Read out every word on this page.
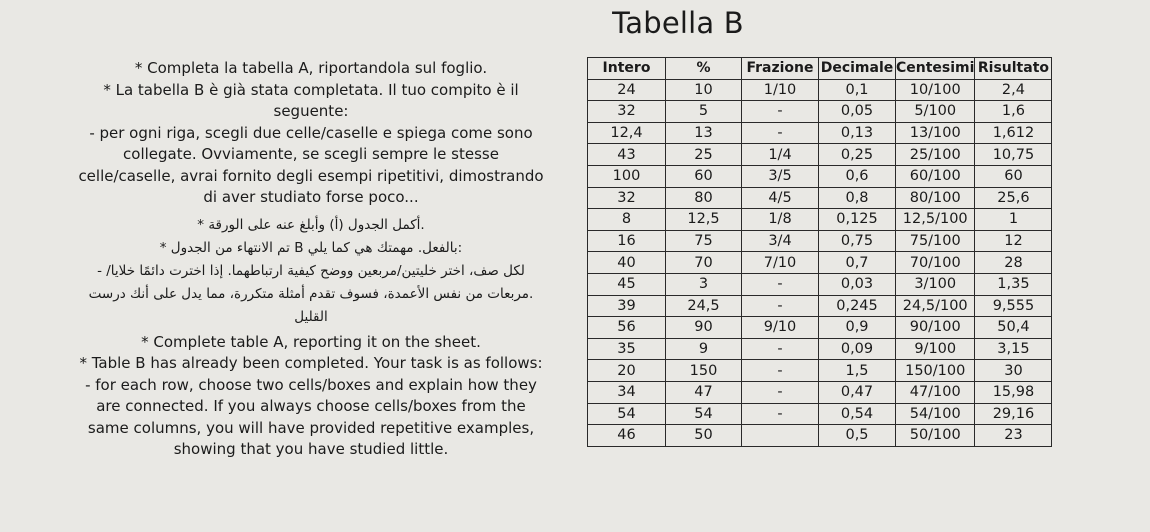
Tabella B

* Completa la tabella A, riportandola sul foglio.

* La tabella B è già stata completata. Il tuo compito è il seguente:

- per ogni riga, scegli due celle/caselle e spiega come sono collegate. Ovviamente, se scegli sempre le stesse celle/caselle, avrai fornito degli esempi ripetitivi, dimostrando di aver studiato forse poco...

.أكمل الجدول (أ) وأبلغ عنه على الورقة *

:بالفعل. مهمتك هي كما يلي B تم الانتهاء من الجدول *

لكل صف، اختر خليتين/مربعين ووضح كيفية ارتباطهما. إذا اخترت دائمًا خلايا/ -

.مربعات من نفس الأعمدة، فسوف تقدم أمثلة متكررة، مما يدل على أنك درست القليل

* Complete table A, reporting it on the sheet.

* Table B has already been completed. Your task is as follows:

- for each row, choose two cells/boxes and explain how they are connected. If you always choose cells/boxes from the same columns, you will have provided repetitive examples, showing that you have studied little.

Intero	%	Frazione	Decimale	Centesimi	Risultato
24	10	1/10	0,1	10/100	2,4
32	5	-	0,05	5/100	1,6
12,4	13	-	0,13	13/100	1,612
43	25	1/4	0,25	25/100	10,75
100	60	3/5	0,6	60/100	60
32	80	4/5	0,8	80/100	25,6
8	12,5	1/8	0,125	12,5/100	1
16	75	3/4	0,75	75/100	12
40	70	7/10	0,7	70/100	28
45	3	-	0,03	3/100	1,35
39	24,5	-	0,245	24,5/100	9,555
56	90	9/10	0,9	90/100	50,4
35	9	-	0,09	9/100	3,15
20	150	-	1,5	150/100	30
34	47	-	0,47	47/100	15,98
54	54	-	0,54	54/100	29,16
46	50		0,5	50/100	23
